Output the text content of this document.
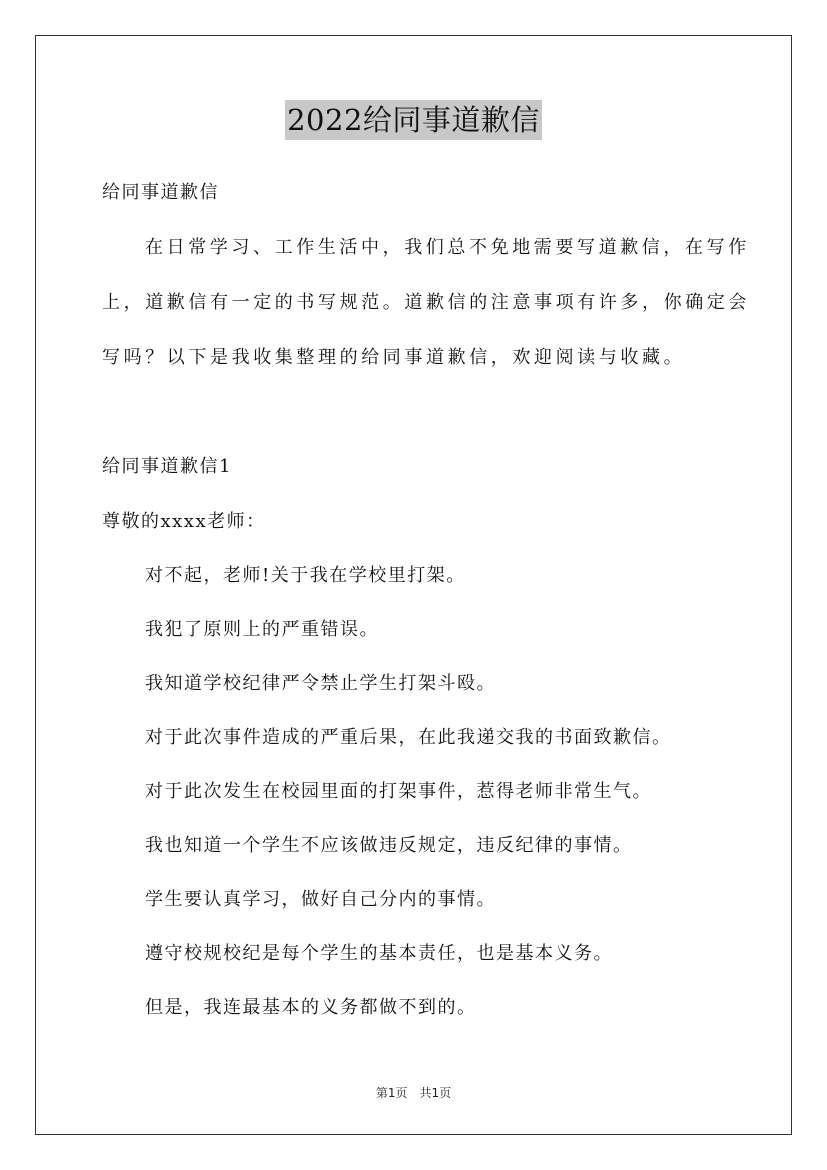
2022给同事道歉信
给同事道歉信
在日常学习、工作生活中，我们总不免地需要写道歉信，在写作
上，道歉信有一定的书写规范。道歉信的注意事项有许多，你确定会
写吗？以下是我收集整理的给同事道歉信，欢迎阅读与收藏。
给同事道歉信1
尊敬的xxxx老师：
对不起，老师!关于我在学校里打架。
我犯了原则上的严重错误。
我知道学校纪律严令禁止学生打架斗殴。
对于此次事件造成的严重后果，在此我递交我的书面致歉信。
对于此次发生在校园里面的打架事件，惹得老师非常生气。
我也知道一个学生不应该做违反规定，违反纪律的事情。
学生要认真学习，做好自己分内的事情。
遵守校规校纪是每个学生的基本责任，也是基本义务。
但是，我连最基本的义务都做不到的。
第1页　共1页
